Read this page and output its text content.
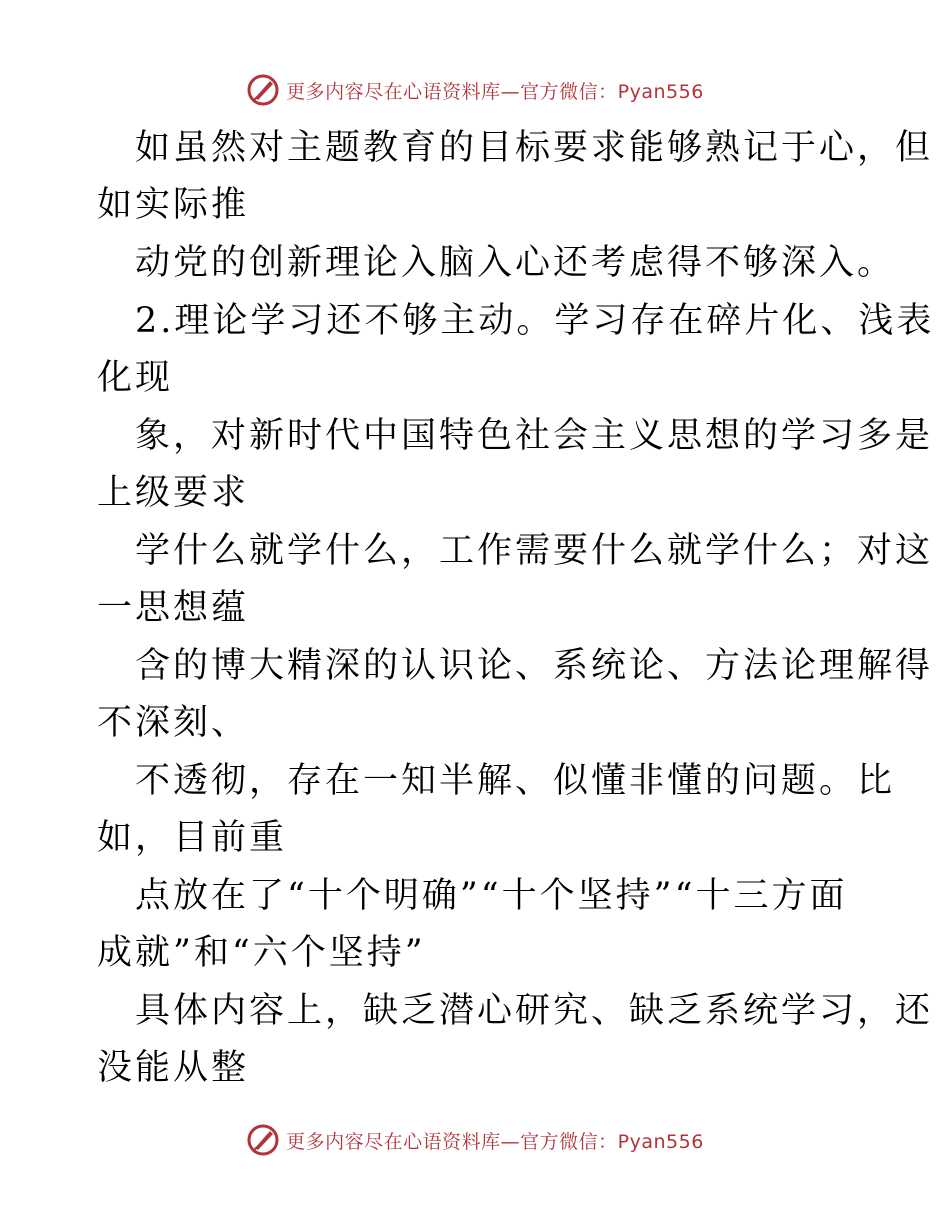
更多内容尽在心语资料库—官方微信：Pyan556
如虽然对主题教育的目标要求能够熟记于心，但
如实际推
动党的创新理论入脑入心还考虑得不够深入。
2.理论学习还不够主动。学习存在碎片化、浅表
化现
象，对新时代中国特色社会主义思想的学习多是
上级要求
学什么就学什么，工作需要什么就学什么；对这
一思想蕴
含的博大精深的认识论、系统论、方法论理解得
不深刻、
不透彻，存在一知半解、似懂非懂的问题。比
如，目前重
点放在了“十个明确”“十个坚持”“十三方面
成就”和“六个坚持”
具体内容上，缺乏潜心研究、缺乏系统学习，还
没能从整
更多内容尽在心语资料库—官方微信：Pyan556
